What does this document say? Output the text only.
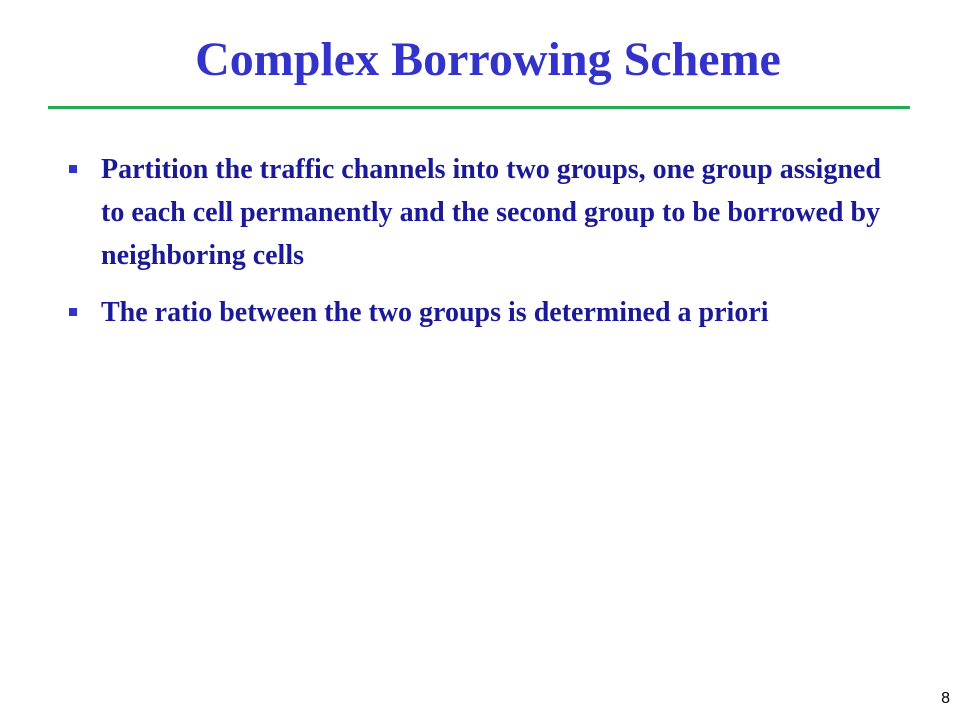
Complex Borrowing Scheme
Partition the traffic channels into two groups, one group assigned to each cell permanently and the second group to be borrowed by neighboring cells
The ratio between the two groups is determined a priori
8
